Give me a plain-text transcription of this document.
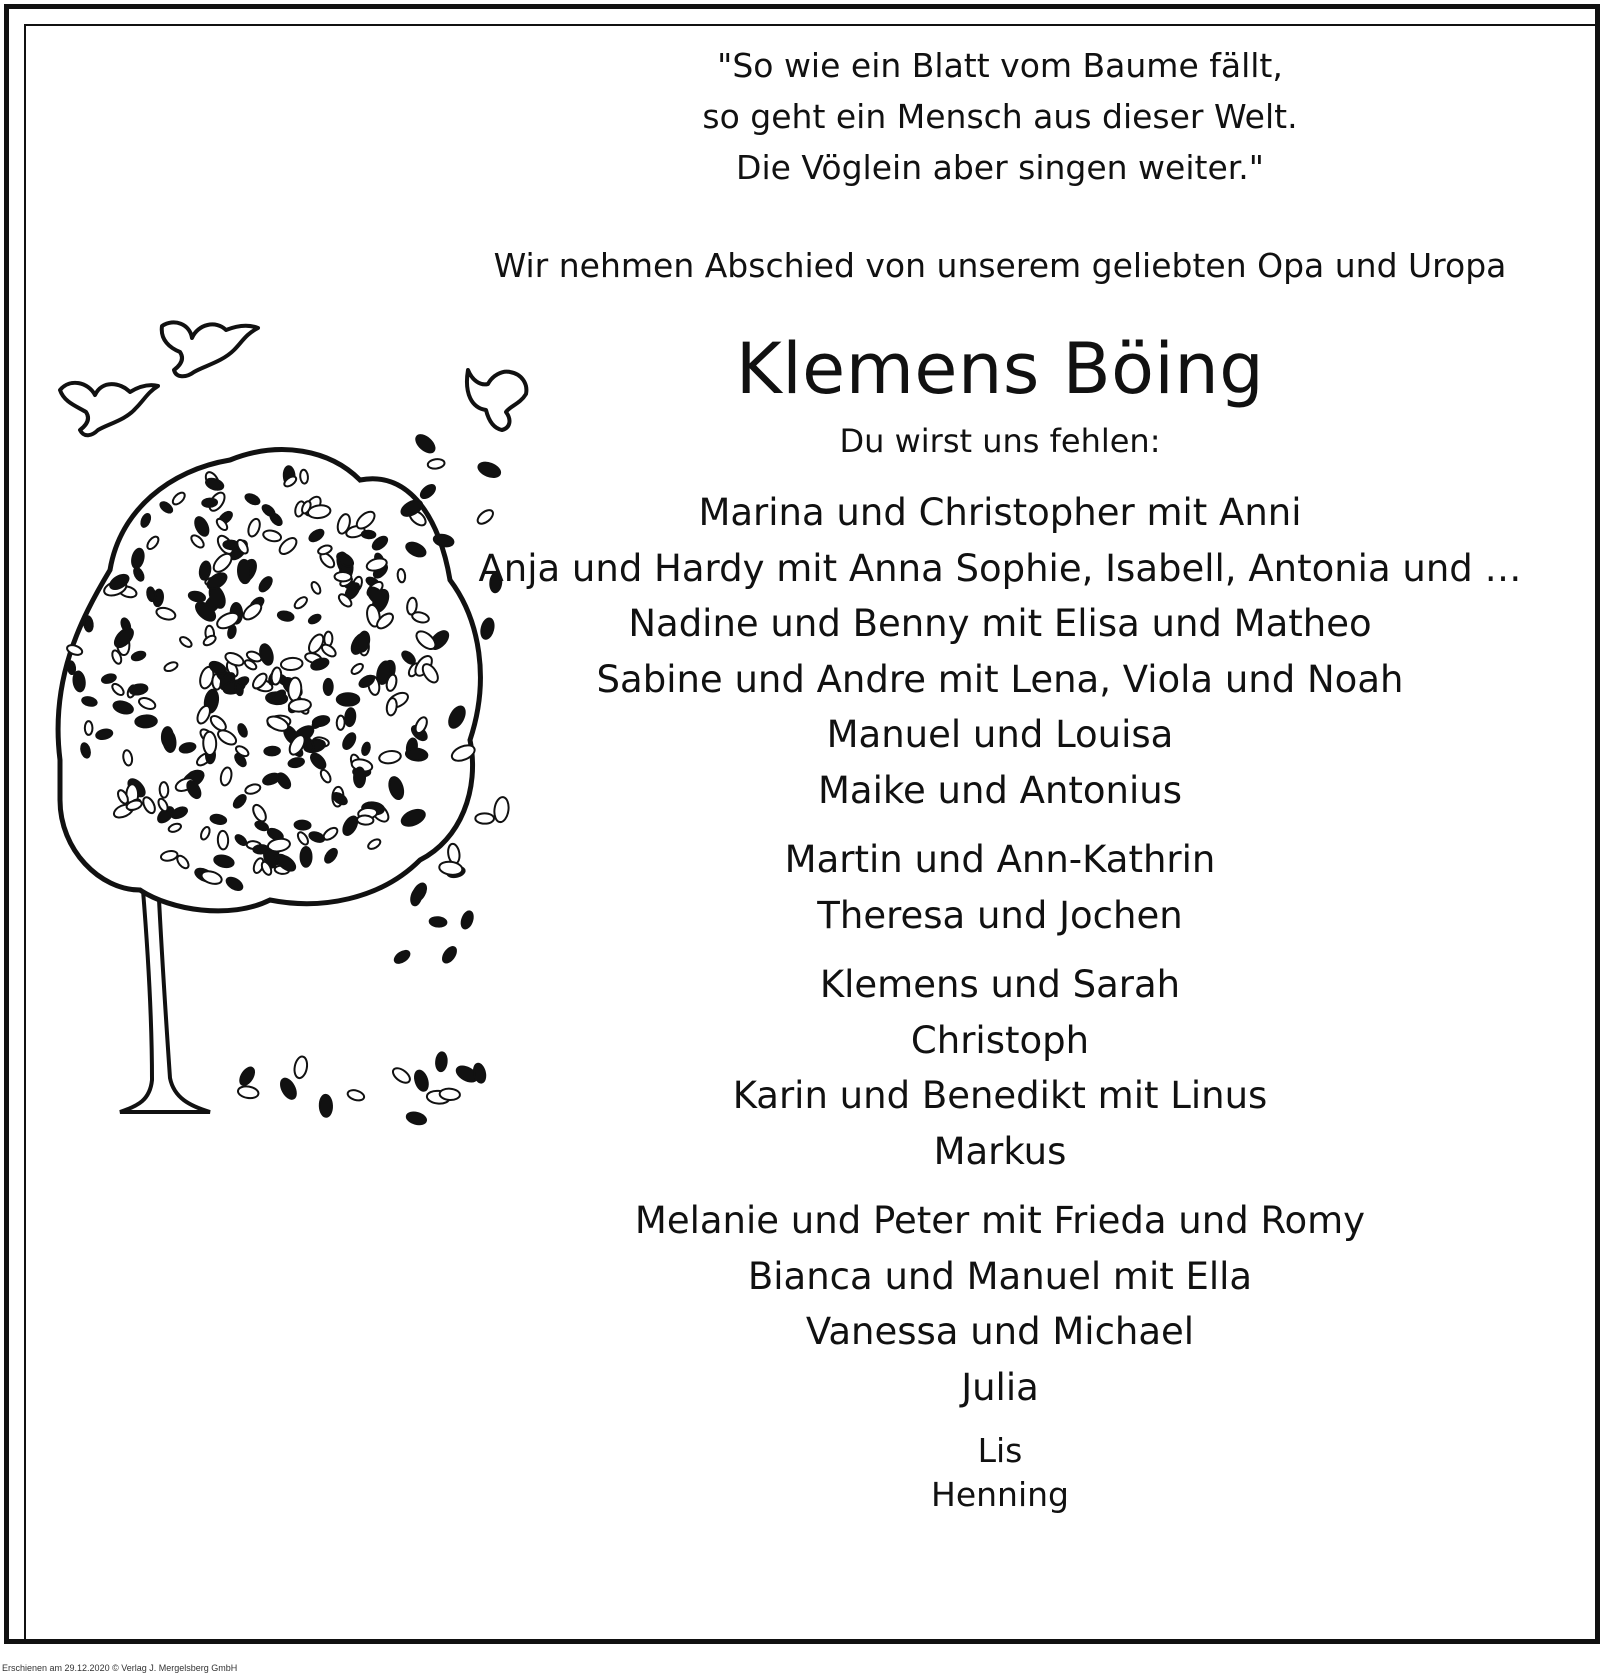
"So wie ein Blatt vom Baume fällt,
so geht ein Mensch aus dieser Welt.
Die Vöglein aber singen weiter."
Wir nehmen Abschied von unserem geliebten Opa und Uropa
Klemens Böing
Du wirst uns fehlen:
Marina und Christopher mit Anni
Anja und Hardy mit Anna Sophie, Isabell, Antonia und …
Nadine und Benny mit Elisa und Matheo
Sabine und Andre mit Lena, Viola und Noah
Manuel und Louisa
Maike und Antonius
Martin und Ann-Kathrin
Theresa und Jochen
Klemens und Sarah
Christoph
Karin und Benedikt mit Linus
Markus
Melanie und Peter mit Frieda und Romy
Bianca und Manuel mit Ella
Vanessa und Michael
Julia
Lis
Henning
Erschienen am 29.12.2020 © Verlag J. Mergelsberg GmbH
